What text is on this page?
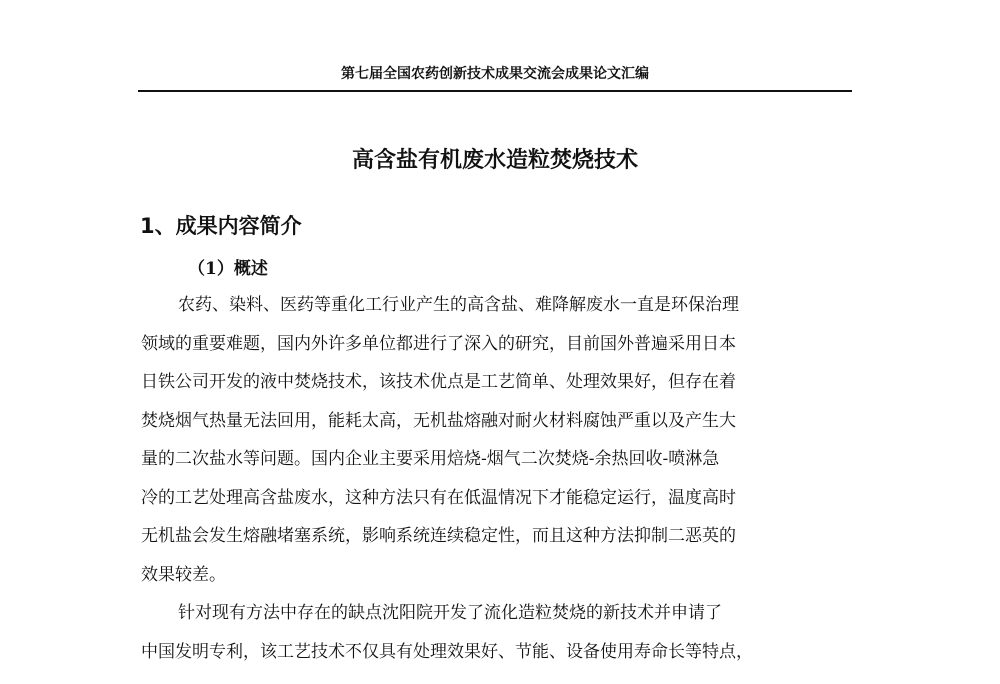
第七届全国农药创新技术成果交流会成果论文汇编
高含盐有机废水造粒焚烧技术
1、成果内容简介
（1）概述
农药、染料、医药等重化工行业产生的高含盐、难降解废水一直是环保治理
领域的重要难题，国内外许多单位都进行了深入的研究，目前国外普遍采用日本
日铁公司开发的液中焚烧技术，该技术优点是工艺简单、处理效果好，但存在着
焚烧烟气热量无法回用，能耗太高，无机盐熔融对耐火材料腐蚀严重以及产生大
量的二次盐水等问题。国内企业主要采用焙烧-烟气二次焚烧-余热回收-喷淋急
冷的工艺处理高含盐废水，这种方法只有在低温情况下才能稳定运行，温度高时
无机盐会发生熔融堵塞系统，影响系统连续稳定性，而且这种方法抑制二恶英的
效果较差。
针对现有方法中存在的缺点沈阳院开发了流化造粒焚烧的新技术并申请了
中国发明专利，该工艺技术不仅具有处理效果好、节能、设备使用寿命长等特点，
